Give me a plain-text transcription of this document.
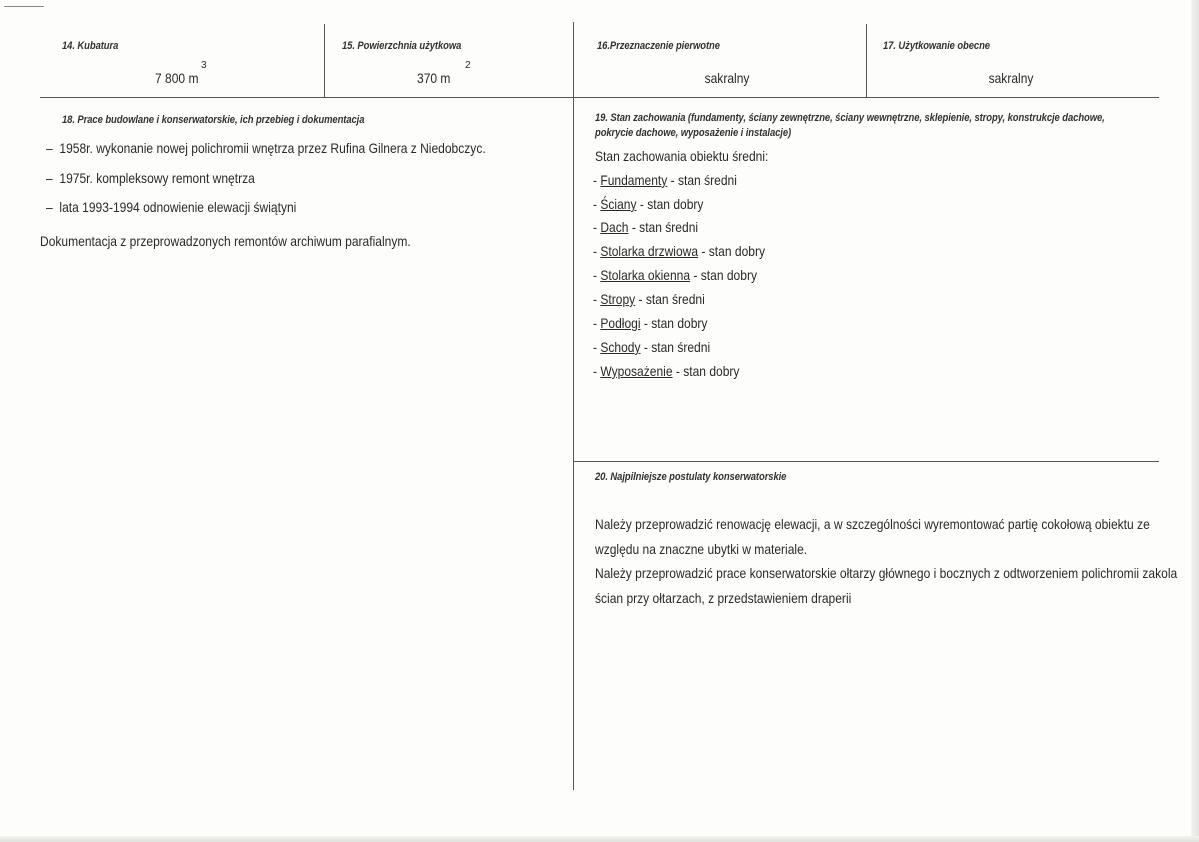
14. Kubatura
7 800 m
3
15. Powierzchnia użytkowa
370 m
2
16.Przeznaczenie pierwotne
sakralny
17. Użytkowanie obecne
sakralny
18. Prace budowlane i konserwatorskie, ich przebieg i dokumentacja
–  1958r. wykonanie nowej polichromii wnętrza przez Rufina Gilnera z Niedobczyc.
–  1975r. kompleksowy remont wnętrza
–  lata 1993-1994 odnowienie elewacji świątyni
Dokumentacja z przeprowadzonych remontów archiwum parafialnym.
19. Stan zachowania (fundamenty, ściany zewnętrzne, ściany wewnętrzne, sklepienie, stropy, konstrukcje dachowe,
pokrycie dachowe, wyposażenie i instalacje)
Stan zachowania obiektu średni:
- Fundamenty - stan średni
- Ściany - stan dobry
- Dach - stan średni
- Stolarka drzwiowa - stan dobry
- Stolarka okienna - stan dobry
- Stropy - stan średni
- Podłogi - stan dobry
- Schody - stan średni
- Wyposażenie - stan dobry
20. Najpilniejsze postulaty konserwatorskie
Należy przeprowadzić renowację elewacji, a w szczególności wyremontować partię cokołową obiektu ze
względu na znaczne ubytki w materiale.
Należy przeprowadzić prace konserwatorskie ołtarzy głównego i bocznych z odtworzeniem polichromii zakola
ścian przy ołtarzach, z przedstawieniem draperii
